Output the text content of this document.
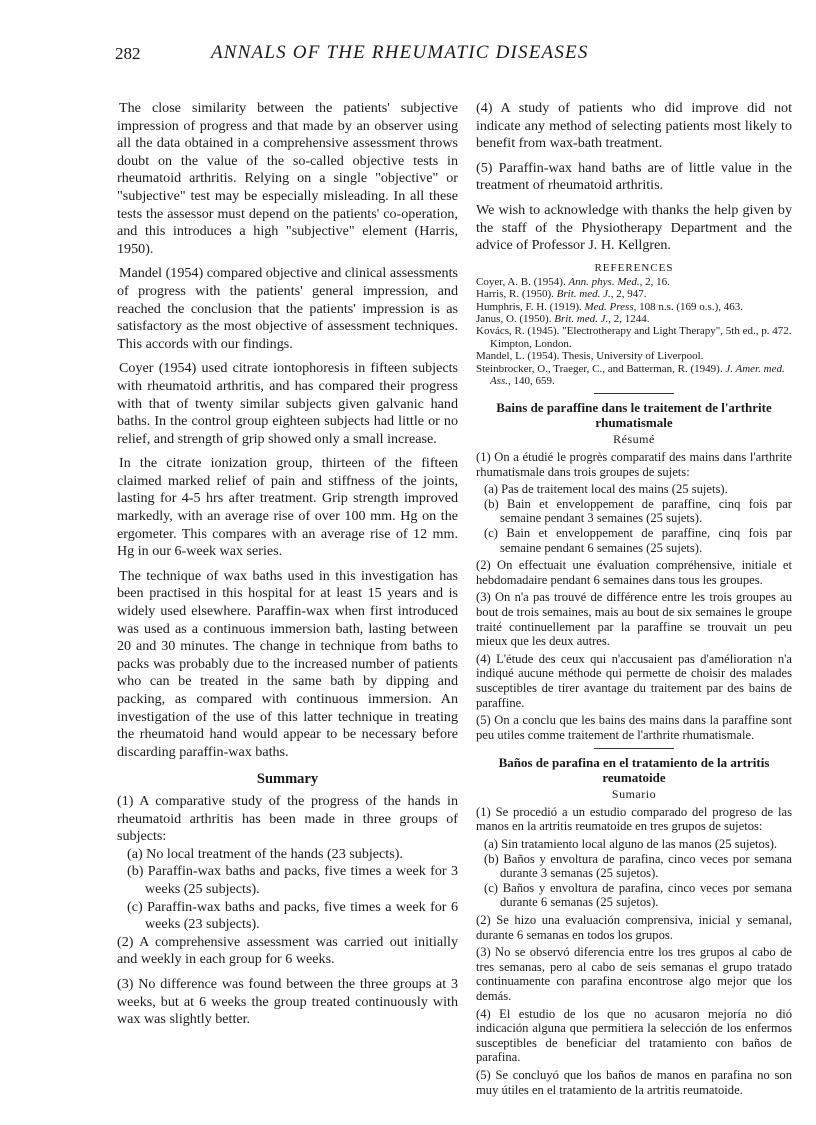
282	ANNALS OF THE RHEUMATIC DISEASES

The close similarity between the patients' subjective impression of progress and that made by an observer using all the data obtained in a comprehensive assessment throws doubt on the value of the so-called objective tests in rheumatoid arthritis. Relying on a single "objective" or "subjective" test may be especially misleading. In all these tests the assessor must depend on the patients' co-operation, and this introduces a high "subjective" element (Harris, 1950).

Mandel (1954) compared objective and clinical assessments of progress with the patients' general impression, and reached the conclusion that the patients' impression is as satisfactory as the most objective of assessment techniques. This accords with our findings.

Coyer (1954) used citrate iontophoresis in fifteen subjects with rheumatoid arthritis, and has compared their progress with that of twenty similar subjects given galvanic hand baths. In the control group eighteen subjects had little or no relief, and strength of grip showed only a small increase.

In the citrate ionization group, thirteen of the fifteen claimed marked relief of pain and stiffness of the joints, lasting for 4-5 hrs after treatment. Grip strength improved markedly, with an average rise of over 100 mm. Hg on the ergometer. This compares with an average rise of 12 mm. Hg in our 6-week wax series.

The technique of wax baths used in this investigation has been practised in this hospital for at least 15 years and is widely used elsewhere. Paraffin-wax when first introduced was used as a continuous immersion bath, lasting between 20 and 30 minutes. The change in technique from baths to packs was probably due to the increased number of patients who can be treated in the same bath by dipping and packing, as compared with continuous immersion. An investigation of the use of this latter technique in treating the rheumatoid hand would appear to be necessary before discarding paraffin-wax baths.

Summary

(1) A comparative study of the progress of the hands in rheumatoid arthritis has been made in three groups of subjects:

(a) No local treatment of the hands (23 subjects).

(b) Paraffin-wax baths and packs, five times a week for 3 weeks (25 subjects).

(c) Paraffin-wax baths and packs, five times a week for 6 weeks (23 subjects).

(2) A comprehensive assessment was carried out initially and weekly in each group for 6 weeks.

(3) No difference was found between the three groups at 3 weeks, but at 6 weeks the group treated continuously with wax was slightly better.

(4) A study of patients who did improve did not indicate any method of selecting patients most likely to benefit from wax-bath treatment.

(5) Paraffin-wax hand baths are of little value in the treatment of rheumatoid arthritis.

We wish to acknowledge with thanks the help given by the staff of the Physiotherapy Department and the advice of Professor J. H. Kellgren.

REFERENCES

Coyer, A. B. (1954). Ann. phys. Med., 2, 16.

Harris, R. (1950). Brit. med. J., 2, 947.

Humphris, F. H. (1919). Med. Press, 108 n.s. (169 o.s.), 463.

Janus, O. (1950). Brit. med. J., 2, 1244.

Kovács, R. (1945). "Electrotherapy and Light Therapy", 5th ed., p. 472. Kimpton, London.

Mandel, L. (1954). Thesis, University of Liverpool.

Steinbrocker, O., Traeger, C., and Batterman, R. (1949). J. Amer. med. Ass., 140, 659.

Bains de paraffine dans le traitement de l'arthrite rhumatismale
Résumé

(1) On a étudié le progrès comparatif des mains dans l'arthrite rhumatismale dans trois groupes de sujets:

(a) Pas de traitement local des mains (25 sujets).

(b) Bain et enveloppement de paraffine, cinq fois par semaine pendant 3 semaines (25 sujets).

(c) Bain et enveloppement de paraffine, cinq fois par semaine pendant 6 semaines (25 sujets).

(2) On effectuait une évaluation compréhensive, initiale et hebdomadaire pendant 6 semaines dans tous les groupes.

(3) On n'a pas trouvé de différence entre les trois groupes au bout de trois semaines, mais au bout de six semaines le groupe traité continuellement par la paraffine se trouvait un peu mieux que les deux autres.

(4) L'étude des ceux qui n'accusaient pas d'amélioration n'a indiqué aucune méthode qui permette de choisir des malades susceptibles de tirer avantage du traitement par des bains de paraffine.

(5) On a conclu que les bains des mains dans la paraffine sont peu utiles comme traitement de l'arthrite rhumatismale.

Baños de parafina en el tratamiento de la artritis reumatoide
Sumario

(1) Se procedió a un estudio comparado del progreso de las manos en la artritis reumatoide en tres grupos de sujetos:

(a) Sin tratamiento local alguno de las manos (25 sujetos).

(b) Baños y envoltura de parafina, cinco veces por semana durante 3 semanas (25 sujetos).

(c) Baños y envoltura de parafina, cinco veces por semana durante 6 semanas (25 sujetos).

(2) Se hizo una evaluación comprensiva, inicial y semanal, durante 6 semanas en todos los grupos.

(3) No se observó diferencia entre los tres grupos al cabo de tres semanas, pero al cabo de seis semanas el grupo tratado continuamente con parafina encontrose algo mejor que los demás.

(4) El estudio de los que no acusaron mejoría no dió indicación alguna que permitiera la selección de los enfermos susceptibles de beneficiar del tratamiento con baños de parafina.

(5) Se concluyó que los baños de manos en parafina no son muy útiles en el tratamiento de la artritis reumatoide.
